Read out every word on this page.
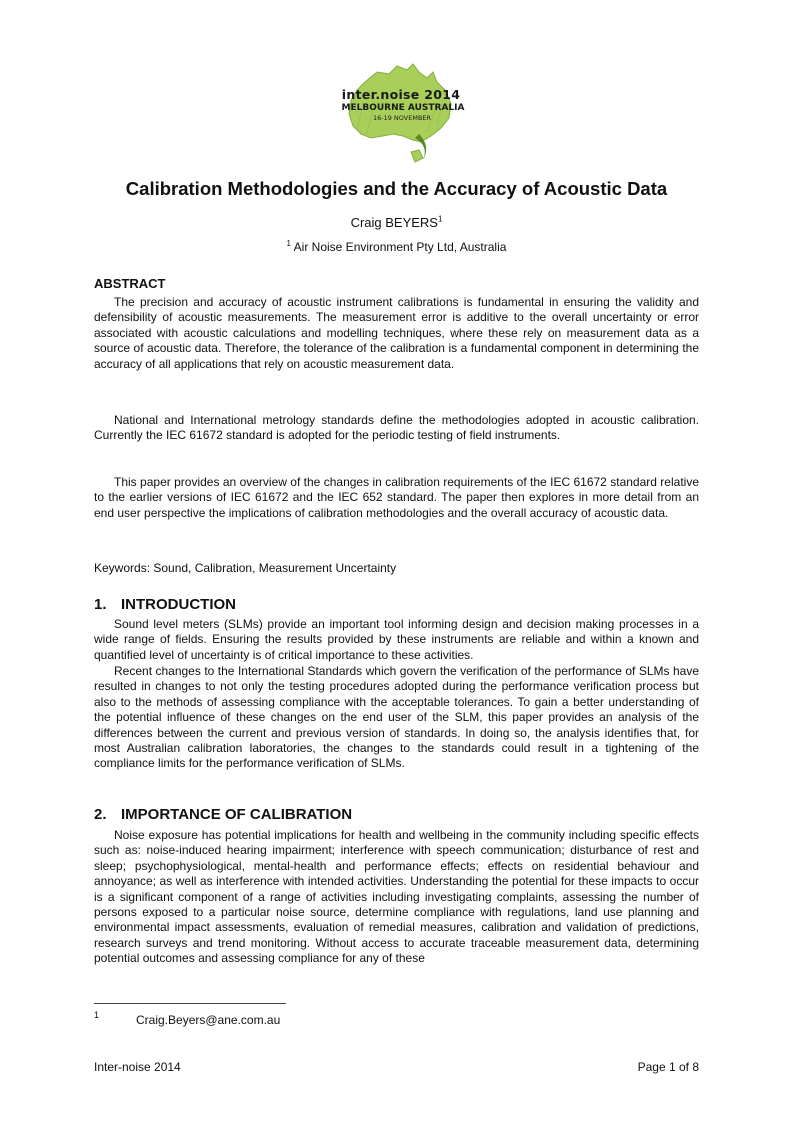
inter.noise 2014
MELBOURNE AUSTRALIA
16-19 NOVEMBER
Calibration Methodologies and the Accuracy of Acoustic Data
Craig BEYERS$^1$
$^1$ Air Noise Environment Pty Ltd, Australia
ABSTRACT

The precision and accuracy of acoustic instrument calibrations is fundamental in ensuring the validity and defensibility of acoustic measurements. The measurement error is additive to the overall uncertainty or error associated with acoustic calculations and modelling techniques, where these rely on measurement data as a source of acoustic data. Therefore, the tolerance of the calibration is a fundamental component in determining the accuracy of all applications that rely on acoustic measurement data.

National and International metrology standards define the methodologies adopted in acoustic calibration. Currently the IEC 61672 standard is adopted for the periodic testing of field instruments.

This paper provides an overview of the changes in calibration requirements of the IEC 61672 standard relative to the earlier versions of IEC 61672 and the IEC 652 standard. The paper then explores in more detail from an end user perspective the implications of calibration methodologies and the overall accuracy of acoustic data.

Keywords: Sound, Calibration, Measurement Uncertainty
1. INTRODUCTION

Sound level meters (SLMs) provide an important tool informing design and decision making processes in a wide range of fields. Ensuring the results provided by these instruments are reliable and within a known and quantified level of uncertainty is of critical importance to these activities.

Recent changes to the International Standards which govern the verification of the performance of SLMs have resulted in changes to not only the testing procedures adopted during the performance verification process but also to the methods of assessing compliance with the acceptable tolerances. To gain a better understanding of the potential influence of these changes on the end user of the SLM, this paper provides an analysis of the differences between the current and previous version of standards. In doing so, the analysis identifies that, for most Australian calibration laboratories, the changes to the standards could result in a tightening of the compliance limits for the performance verification of SLMs.

2. IMPORTANCE OF CALIBRATION

Noise exposure has potential implications for health and wellbeing in the community including specific effects such as: noise-induced hearing impairment; interference with speech communication; disturbance of rest and sleep; psychophysiological, mental-health and performance effects; effects on residential behaviour and annoyance; as well as interference with intended activities. Understanding the potential for these impacts to occur is a significant component of a range of activities including investigating complaints, assessing the number of persons exposed to a particular noise source, determine compliance with regulations, land use planning and environmental impact assessments, evaluation of remedial measures, calibration and validation of predictions, research surveys and trend monitoring. Without access to accurate traceable measurement data, determining potential outcomes and assessing compliance for any of these

1	Craig.Beyers@ane.com.au
Inter-noise 2014	Page 1 of 8
